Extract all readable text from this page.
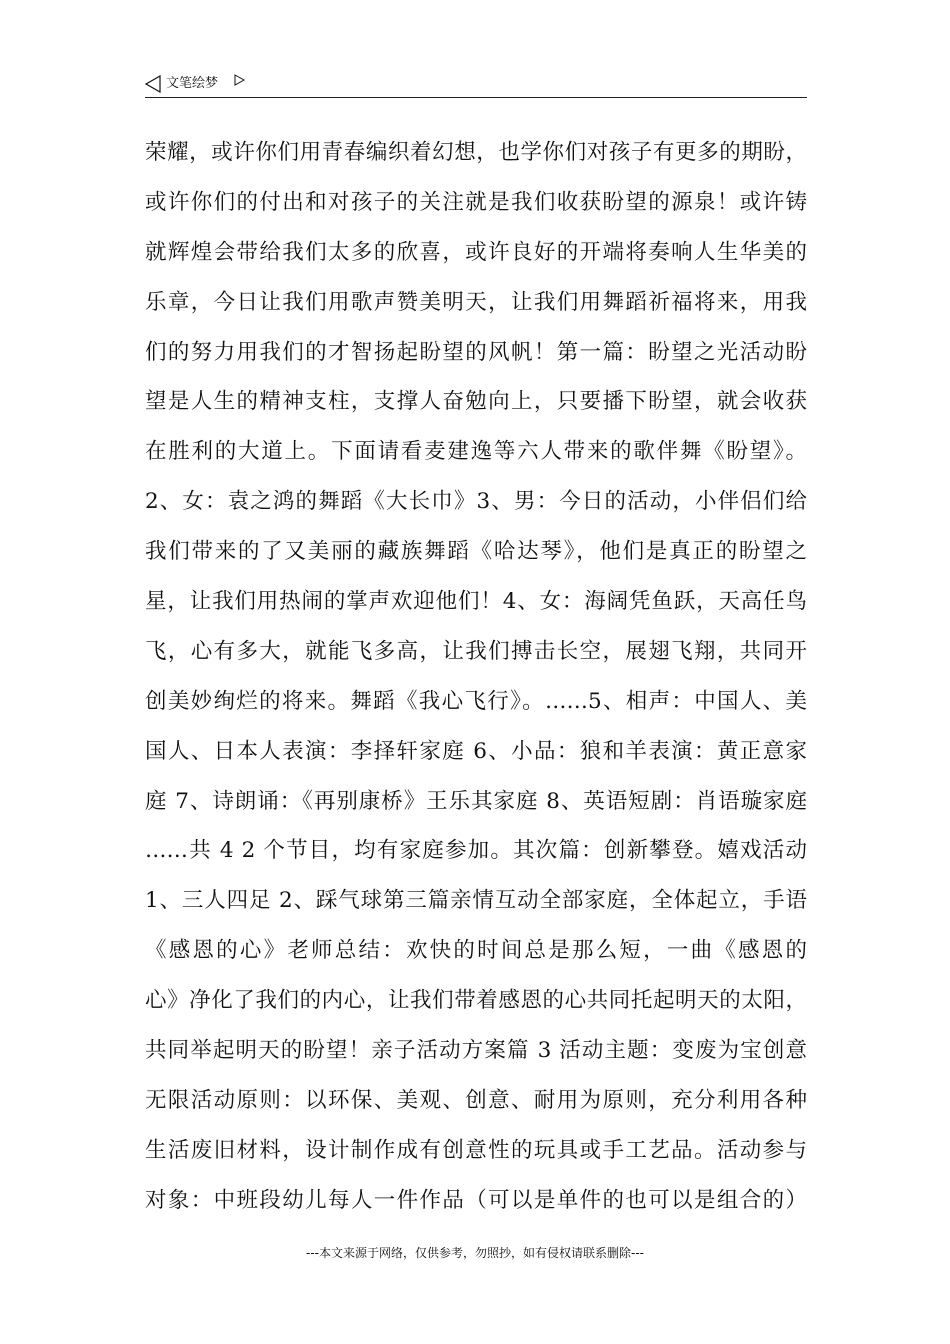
文笔绘梦
荣耀，或许你们用青春编织着幻想，也学你们对孩子有更多的期盼，
或许你们的付出和对孩子的关注就是我们收获盼望的源泉！或许铸
就辉煌会带给我们太多的欣喜，或许良好的开端将奏响人生华美的
乐章，今日让我们用歌声赞美明天，让我们用舞蹈祈福将来，用我
们的努力用我们的才智扬起盼望的风帆！第一篇：盼望之光活动盼
望是人生的精神支柱，支撑人奋勉向上，只要播下盼望，就会收获
在胜利的大道上。下面请看麦建逸等六人带来的歌伴舞《盼望》。
2、女：袁之鸿的舞蹈《大长巾》3、男：今日的活动，小伴侣们给
我们带来的了又美丽的藏族舞蹈《哈达琴》，他们是真正的盼望之
星，让我们用热闹的掌声欢迎他们！4、女：海阔凭鱼跃，天高任鸟
飞，心有多大，就能飞多高，让我们搏击长空，展翅飞翔，共同开
创美妙绚烂的将来。舞蹈《我心飞行》。……5、相声：中国人、美
国人、日本人表演：李择轩家庭 6、小品：狼和羊表演：黄正意家
庭 7、诗朗诵：《再别康桥》王乐其家庭 8、英语短剧：肖语璇家庭
……共 4 2 个节目，均有家庭参加。其次篇：创新攀登。嬉戏活动
1、三人四足 2、踩气球第三篇亲情互动全部家庭，全体起立，手语
《感恩的心》老师总结：欢快的时间总是那么短，一曲《感恩的
心》净化了我们的内心，让我们带着感恩的心共同托起明天的太阳，
共同举起明天的盼望！亲子活动方案篇 3 活动主题：变废为宝创意
无限活动原则：以环保、美观、创意、耐用为原则，充分利用各种
生活废旧材料，设计制作成有创意性的玩具或手工艺品。活动参与
对象：中班段幼儿每人一件作品（可以是单件的也可以是组合的）
---本文来源于网络，仅供参考，勿照抄，如有侵权请联系删除---
